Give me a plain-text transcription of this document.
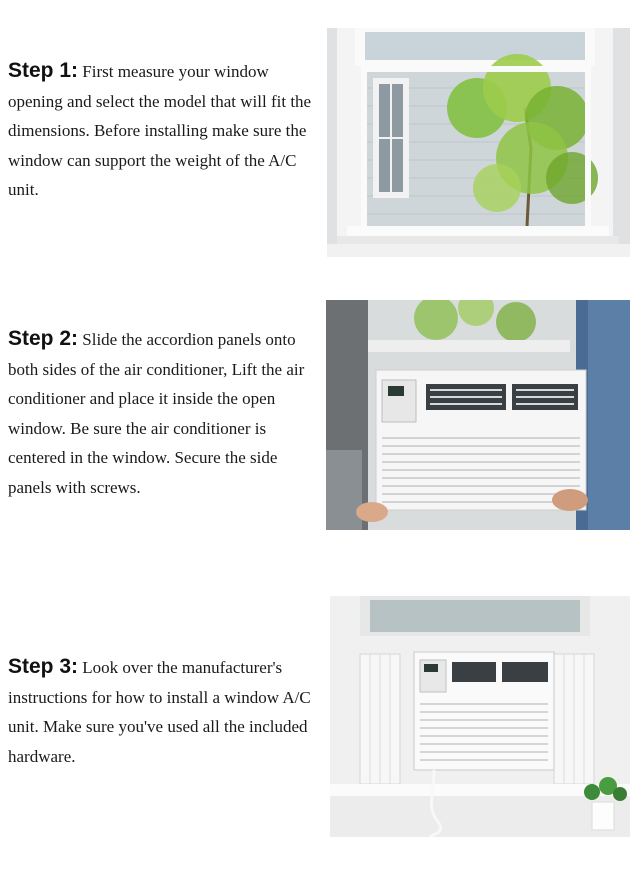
Step 1: First measure your window opening and select the model that will fit the dimensions. Before installing make sure the window can support the weight of the A/C unit.
Step 2: Slide the accordion panels onto both sides of the air conditioner, Lift the air conditioner and place it inside the open window. Be sure the air conditioner is centered in the window. Secure the side panels with screws.
Step 3: Look over the manufacturer's instructions for how to install a window A/C unit. Make sure you've used all the included hardware.
